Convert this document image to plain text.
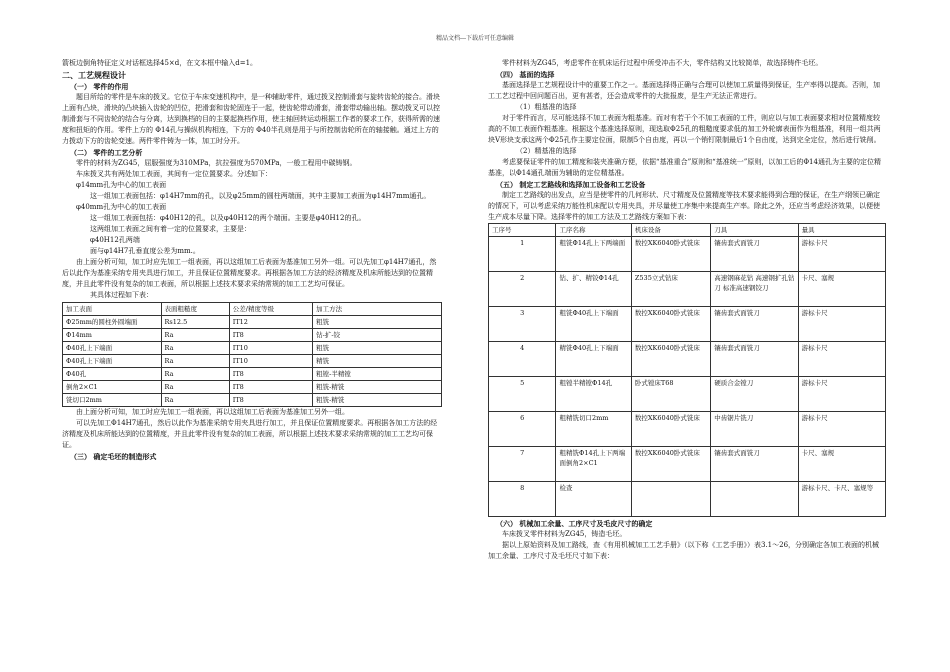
精品文档---下载后可任意编辑

箭板边倒角特征定义对话框选择45×d，在文本框中输入d=1。

二、工艺规程设计

（一） 零件的作用

题目所给的零件是车床的拨叉。它位于车床变速机构中，是一种辅助零件，通过拨叉控制滑套与旋转齿轮的接合。滑块上面有凸块，滑块的凸块插入齿轮的凹位，把滑套和齿轮固连于一起，使齿轮带动滑套，滑套带动输出轴。摆动拨叉可以控制滑套与不同齿轮的结合与分离，达到换档的目的主要起换档作用，使主轴回转运动根据工作者的要求工作，获得所需的速度和扭矩的作用。零件上方的 Φ14孔与操纵机构相连，下方的 Φ40半孔则是用于与所控制齿轮所在的轴接触。通过上方的力拨动下方的齿轮变速。两件零件铸为一体，加工时分开。

（二） 零件的工艺分析

零件的材料为ZG45，屈服强度为310MPa，抗拉强度为570MPa，一般工程用中碳铸钢。

车床拨叉共有两处加工表面，其间有一定位置要求。分述如下：

φ14mm孔为中心的加工表面

这一组加工表面包括：φ14H7mm的孔，以及φ25mm的圆柱两端面，其中主要加工表面为φ14H7mm通孔。

φ40mm孔为中心的加工表面

这一组加工表面包括：φ40H12的孔，以及φ40H12的两个端面。主要是φ40H12的孔。

这两组加工表面之间有着一定的位置要求，主要是：

φ40H12孔两端

面与φ14H7孔垂直度公差为mm.。

由上面分析可知，加工时应先加工一组表面，再以这组加工后表面为基准加工另外一组。可以先加工φ14H7通孔，然后以此作为基准采纳专用夹具进行加工，并且保证位置精度要求。再根据各加工方法的经济精度及机床所能达到的位置精度，并且此零件没有复杂的加工表面，所以根据上述技术要求采纳常规的加工工艺均可保证。

其具体过程如下表：

加工表面	表面粗糙度	公差/精度等级	加工方法
Φ25mm的圆柱外圆端面	Rs12.5	IT12	粗铣
Φ14mm	Ra	IT8	钻-扩-铰
Φ40孔上下端面	Ra	IT10	粗铣
Φ40孔上下端面	Ra	IT10	精铣
Φ40孔	Ra	IT8	粗镗-半精镗
倒角2×C1	Ra	IT8	粗铣-精铣
铣切口2mm	Ra	IT8	粗铣-精铣

由上面分析可知，加工时应先加工一组表面，再以这组加工后表面为基准加工另外一组。

可以先加工Φ14H7通孔，然后以此作为基准采纳专用夹具进行加工，并且保证位置精度要求。再根据各加工方法的经济精度及机床所能达到的位置精度，并且此零件没有复杂的加工表面，所以根据上述技术要求采纳常规的加工工艺均可保证。

（三） 确定毛坯的制造形式

零件材料为ZG45，考虑零件在机床运行过程中所受冲击不大，零件结构又比较简单，故选择铸件毛坯。

（四） 基面的选择

基面选择是工艺规程设计中的重要工作之一。基面选择得正确与合理可以使加工质量得到保证，生产率得以提高。否则，加工工艺过程中回问题百出，更有甚者，还会造成零件的大批报废，是生产无法正常进行。

（1）粗基准的选择

对于零件而言，尽可能选择不加工表面为粗基准。而对有若干个不加工表面的工件，则应以与加工表面要求相对位置精度较高的不加工表面作粗基准。根据这个基准选择原则，现选取Φ25孔的粗糙度要求低的加工外轮廓表面作为粗基准，利用一组共两块V形块支承这两个Φ25孔作主要定位面，限制5个自由度，再以一个销钉限制最后1个自由度，达到完全定位，然后进行铣削。

（2）精基准的选择

考虑要保证零件的加工精度和装夹准确方便，依据“基准重合”原则和“基准统一”原则，以加工后的Φ14通孔为主要的定位精基准，以Φ14通孔端面为辅助的定位精基准。

（五） 制定工艺路线和选择加工设备和工艺设备

制定工艺路线的出发点，应当是使零件的几何形状、尺寸精度及位置精度等技术要求能得到合理的保证，在生产纲领已确定的情况下，可以考虑采纳万能性机床配以专用夹具，并尽量使工序集中来提高生产率。除此之外，还应当考虑经济效果，以便使生产成本尽量下降。选择零件的加工方法及工艺路线方案如下表：

工序号	工序名称	机床设备	刀具	量具
1	粗铣Φ14孔上下两端面	数控XK6040卧式铣床	镶齿套式面铣刀	游标卡尺
2	钻、扩、精铰Φ14孔	Z535立式钻床	高速钢麻花钻 高速钢扩孔钻刀 标准高速钢铰刀	卡尺、塞规
3	粗铣Φ40孔上下端面	数控XK6040卧式铣床	镶齿套式面铣刀	游标卡尺
4	精铣Φ40孔上下端面	数控XK6040卧式铣床	镶齿套式面铣刀	游标卡尺
5	粗镗半精镗Φ14孔	卧式镗床T68	硬质合金镗刀	游标卡尺
6	粗精铣切口2mm	数控XK6040卧式铣床	中齿锯片铣刀	游标卡尺
7	粗精铣Φ14孔上下两端面倒角2×C1	数控XK6040卧式铣床	镶齿套式面铣刀	卡尺、塞规
8	检查			游标卡尺、卡尺、塞规等

（六） 机械加工余量、工序尺寸及毛皮尺寸的确定

车床拨叉零件材料为ZG45，铸造毛坯。

据以上原始资料及加工路线，查《有用机械加工工艺手册》（以下称《工艺手册》）表3.1～26，分别确定各加工表面的机械加工余量、工序尺寸及毛坯尺寸如下表：
